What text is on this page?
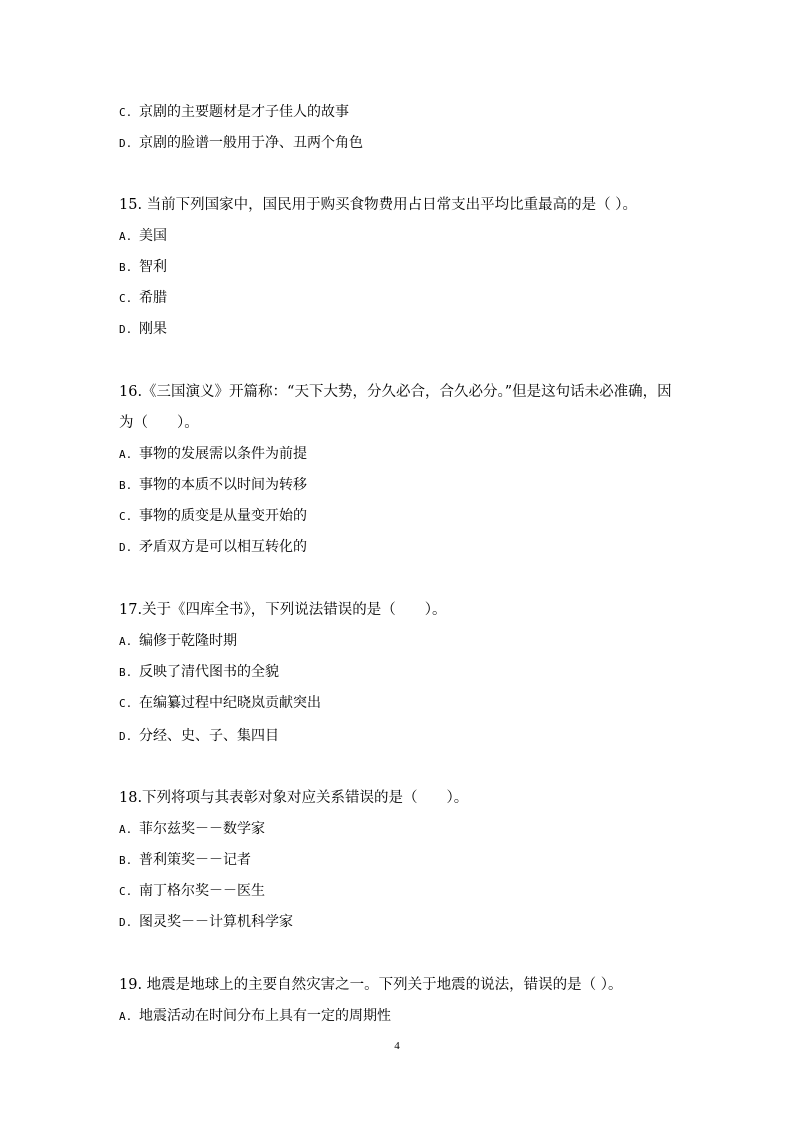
C. 京剧的主要题材是才子佳人的故事
D. 京剧的脸谱一般用于净、丑两个角色
15. 当前下列国家中，国民用于购买食物费用占日常支出平均比重最高的是（ ）。
A. 美国
B. 智利
C. 希腊
D. 刚果
16.《三国演义》开篇称：“天下大势，分久必合，合久必分。”但是这句话未必准确，因
为（　　）。
A. 事物的发展需以条件为前提
B. 事物的本质不以时间为转移
C. 事物的质变是从量变开始的
D. 矛盾双方是可以相互转化的
17.关于《四库全书》，下列说法错误的是（　　）。
A. 编修于乾隆时期
B. 反映了清代图书的全貌
C. 在编纂过程中纪晓岚贡献突出
D. 分经、史、子、集四目
18.下列将项与其表彰对象对应关系错误的是（　　）。
A. 菲尔兹奖－－数学家
B. 普利策奖－－记者
C. 南丁格尔奖－－医生
D. 图灵奖－－计算机科学家
19. 地震是地球上的主要自然灾害之一。下列关于地震的说法，错误的是（ ）。
A. 地震活动在时间分布上具有一定的周期性
4
